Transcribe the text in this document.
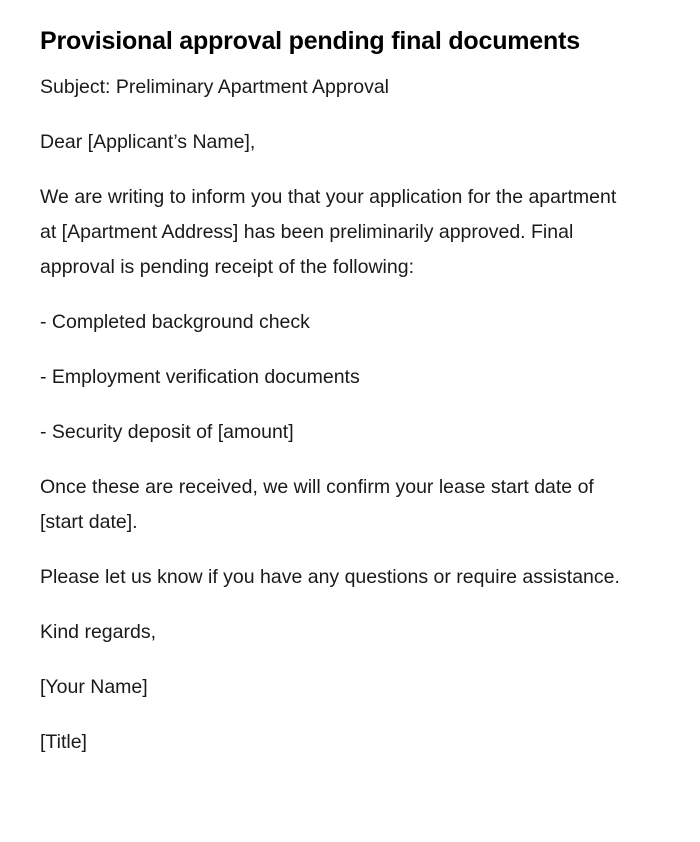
Provisional approval pending final documents

Subject: Preliminary Apartment Approval

Dear [Applicant’s Name],

We are writing to inform you that your application for the apartment at [Apartment Address] has been preliminarily approved. Final approval is pending receipt of the following:

- Completed background check

- Employment verification documents

- Security deposit of [amount]

Once these are received, we will confirm your lease start date of [start date].

Please let us know if you have any questions or require assistance.

Kind regards,

[Your Name]

[Title]
